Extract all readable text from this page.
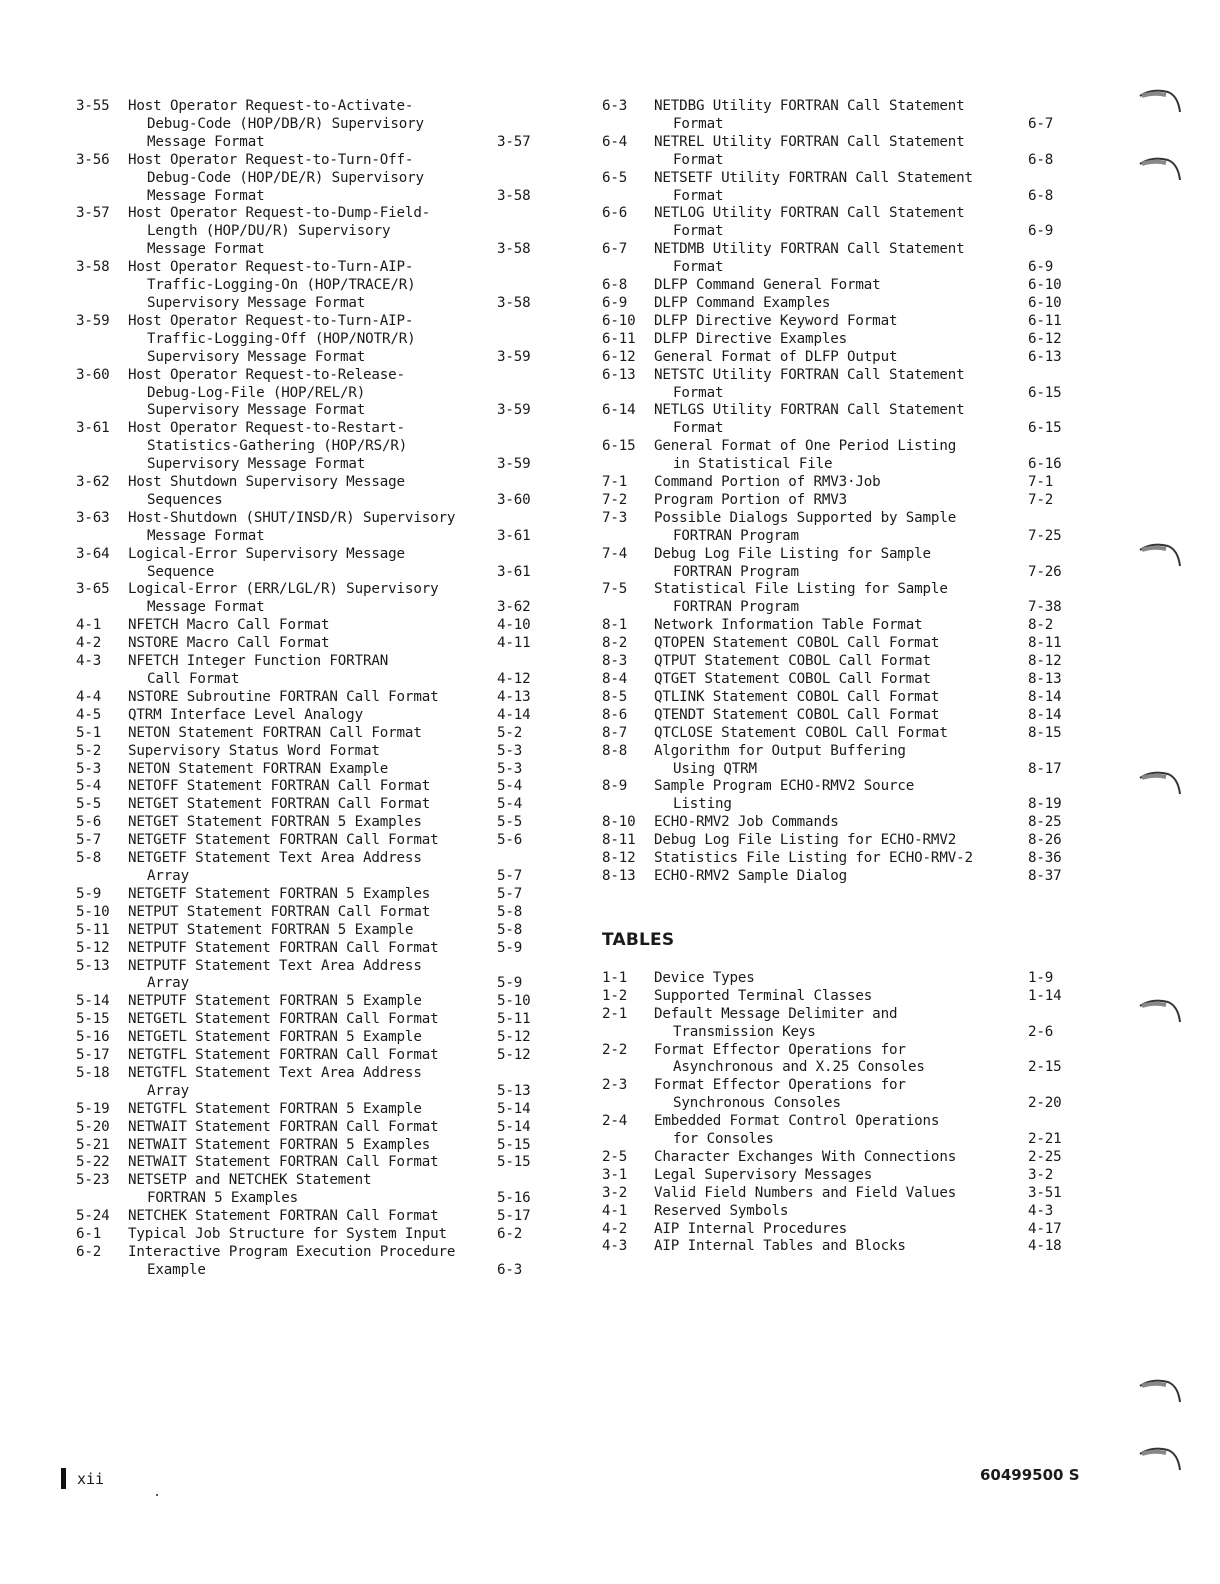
3-55	Host Operator Request-to-Activate-
Debug-Code (HOP/DB/R) Supervisory
Message Format	3-57
3-56	Host Operator Request-to-Turn-Off-
Debug-Code (HOP/DE/R) Supervisory
Message Format	3-58
3-57	Host Operator Request-to-Dump-Field-
Length (HOP/DU/R) Supervisory
Message Format	3-58
3-58	Host Operator Request-to-Turn-AIP-
Traffic-Logging-On (HOP/TRACE/R)
Supervisory Message Format	3-58
3-59	Host Operator Request-to-Turn-AIP-
Traffic-Logging-Off (HOP/NOTR/R)
Supervisory Message Format	3-59
3-60	Host Operator Request-to-Release-
Debug-Log-File (HOP/REL/R)
Supervisory Message Format	3-59
3-61	Host Operator Request-to-Restart-
Statistics-Gathering (HOP/RS/R)
Supervisory Message Format	3-59
3-62	Host Shutdown Supervisory Message
Sequences	3-60
3-63	Host-Shutdown (SHUT/INSD/R) Supervisory
Message Format	3-61
3-64	Logical-Error Supervisory Message
Sequence	3-61
3-65	Logical-Error (ERR/LGL/R) Supervisory
Message Format	3-62
4-1	NFETCH Macro Call Format	4-10
4-2	NSTORE Macro Call Format	4-11
4-3	NFETCH Integer Function FORTRAN
Call Format	4-12
4-4	NSTORE Subroutine FORTRAN Call Format	4-13
4-5	QTRM Interface Level Analogy	4-14
5-1	NETON Statement FORTRAN Call Format	5-2
5-2	Supervisory Status Word Format	5-3
5-3	NETON Statement FORTRAN Example	5-3
5-4	NETOFF Statement FORTRAN Call Format	5-4
5-5	NETGET Statement FORTRAN Call Format	5-4
5-6	NETGET Statement FORTRAN 5 Examples	5-5
5-7	NETGETF Statement FORTRAN Call Format	5-6
5-8	NETGETF Statement Text Area Address
Array	5-7
5-9	NETGETF Statement FORTRAN 5 Examples	5-7
5-10	NETPUT Statement FORTRAN Call Format	5-8
5-11	NETPUT Statement FORTRAN 5 Example	5-8
5-12	NETPUTF Statement FORTRAN Call Format	5-9
5-13	NETPUTF Statement Text Area Address
Array	5-9
5-14	NETPUTF Statement FORTRAN 5 Example	5-10
5-15	NETGETL Statement FORTRAN Call Format	5-11
5-16	NETGETL Statement FORTRAN 5 Example	5-12
5-17	NETGTFL Statement FORTRAN Call Format	5-12
5-18	NETGTFL Statement Text Area Address
Array	5-13
5-19	NETGTFL Statement FORTRAN 5 Example	5-14
5-20	NETWAIT Statement FORTRAN Call Format	5-14
5-21	NETWAIT Statement FORTRAN 5 Examples	5-15
5-22	NETWAIT Statement FORTRAN Call Format	5-15
5-23	NETSETP and NETCHEK Statement
FORTRAN 5 Examples	5-16
5-24	NETCHEK Statement FORTRAN Call Format	5-17
6-1	Typical Job Structure for System Input	6-2
6-2	Interactive Program Execution Procedure
Example	6-3
6-3	NETDBG Utility FORTRAN Call Statement
Format	6-7
6-4	NETREL Utility FORTRAN Call Statement
Format	6-8
6-5	NETSETF Utility FORTRAN Call Statement
Format	6-8
6-6	NETLOG Utility FORTRAN Call Statement
Format	6-9
6-7	NETDMB Utility FORTRAN Call Statement
Format	6-9
6-8	DLFP Command General Format	6-10
6-9	DLFP Command Examples	6-10
6-10	DLFP Directive Keyword Format	6-11
6-11	DLFP Directive Examples	6-12
6-12	General Format of DLFP Output	6-13
6-13	NETSTC Utility FORTRAN Call Statement
Format	6-15
6-14	NETLGS Utility FORTRAN Call Statement
Format	6-15
6-15	General Format of One Period Listing
in Statistical File	6-16
7-1	Command Portion of RMV3·Job	7-1
7-2	Program Portion of RMV3	7-2
7-3	Possible Dialogs Supported by Sample
FORTRAN Program	7-25
7-4	Debug Log File Listing for Sample
FORTRAN Program	7-26
7-5	Statistical File Listing for Sample
FORTRAN Program	7-38
8-1	Network Information Table Format	8-2
8-2	QTOPEN Statement COBOL Call Format	8-11
8-3	QTPUT Statement COBOL Call Format	8-12
8-4	QTGET Statement COBOL Call Format	8-13
8-5	QTLINK Statement COBOL Call Format	8-14
8-6	QTENDT Statement COBOL Call Format	8-14
8-7	QTCLOSE Statement COBOL Call Format	8-15
8-8	Algorithm for Output Buffering
Using QTRM	8-17
8-9	Sample Program ECHO-RMV2 Source
Listing	8-19
8-10	ECHO-RMV2 Job Commands	8-25
8-11	Debug Log File Listing for ECHO-RMV2	8-26
8-12	Statistics File Listing for ECHO-RMV-2	8-36
8-13	ECHO-RMV2 Sample Dialog	8-37
TABLES
1-1	Device Types	1-9
1-2	Supported Terminal Classes	1-14
2-1	Default Message Delimiter and
Transmission Keys	2-6
2-2	Format Effector Operations for
Asynchronous and X.25 Consoles	2-15
2-3	Format Effector Operations for
Synchronous Consoles	2-20
2-4	Embedded Format Control Operations
for Consoles	2-21
2-5	Character Exchanges With Connections	2-25
3-1	Legal Supervisory Messages	3-2
3-2	Valid Field Numbers and Field Values	3-51
4-1	Reserved Symbols	4-3
4-2	AIP Internal Procedures	4-17
4-3	AIP Internal Tables and Blocks	4-18
xii	60499500 S
